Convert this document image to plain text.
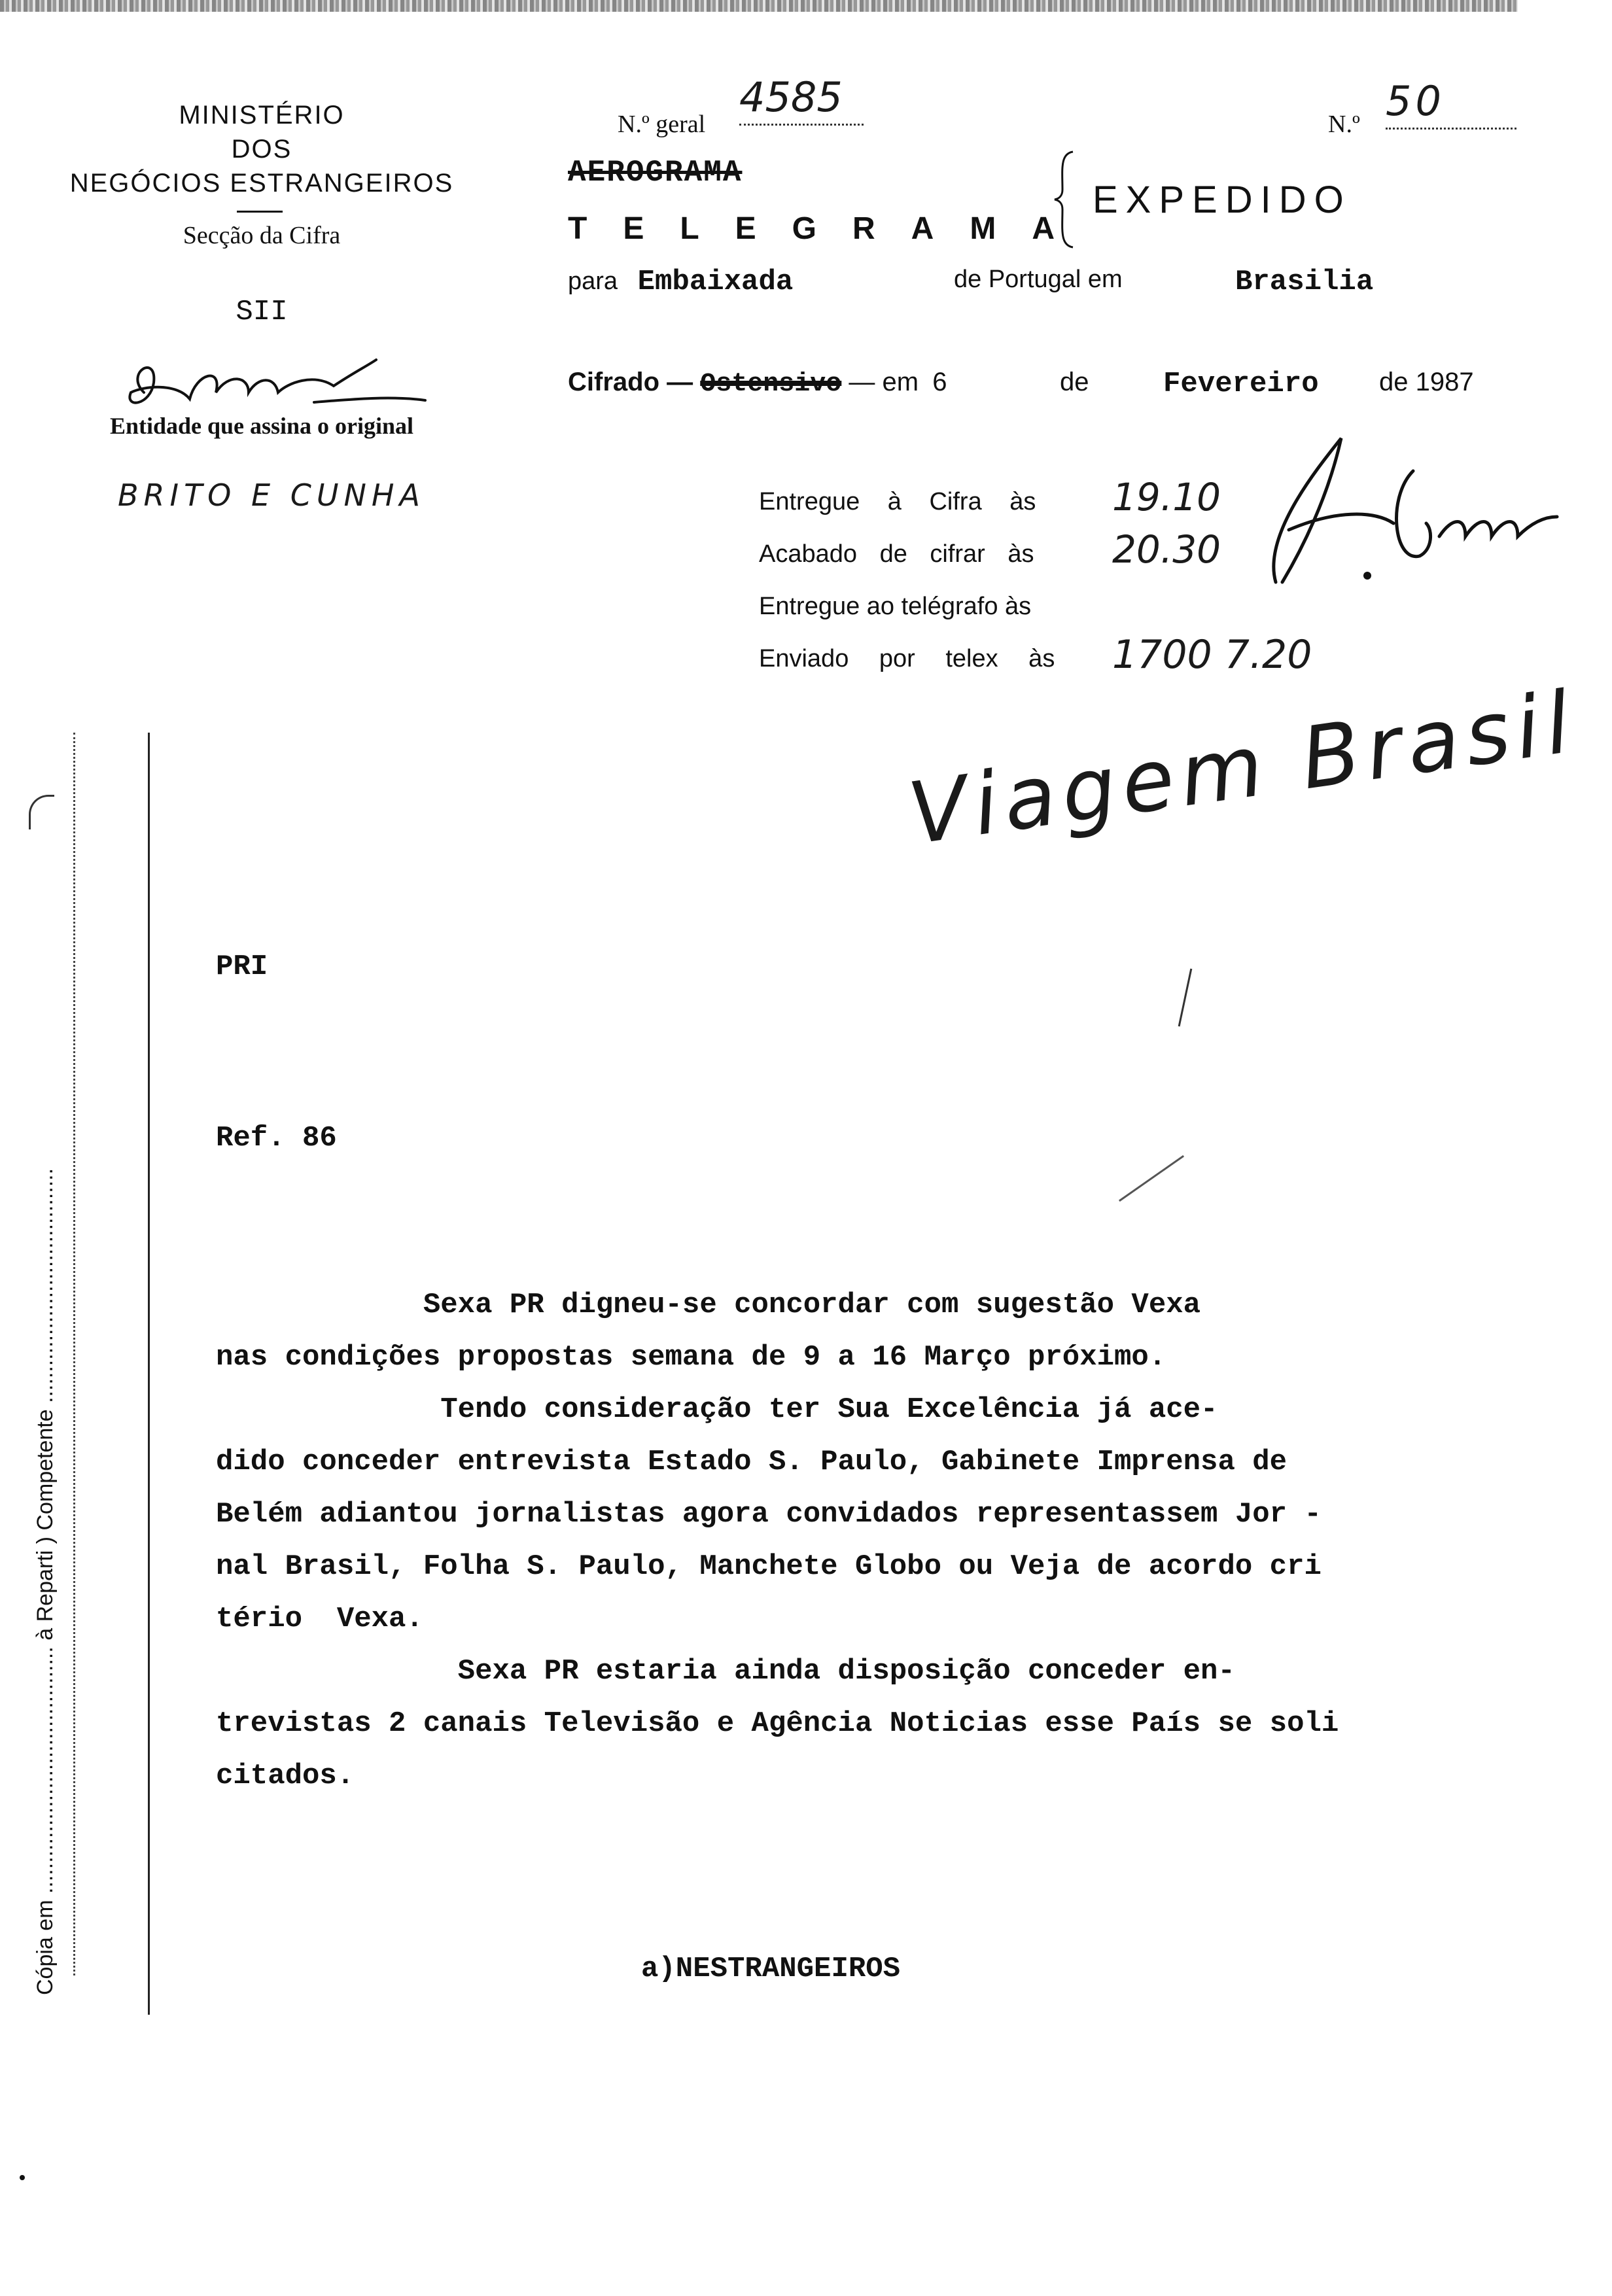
MINISTÉRIO
DOS
NEGÓCIOS ESTRANGEIROS
Secção da Cifra
SII
Entidade que assina o original
BRITO E CUNHA
N.º geral
4585
N.º 50
AEROGRAMA
TELEGRAMA
EXPEDIDO
para Embaixada	de Portugal em	Brasilia
Cifrado — Ostensivo — em 6	de	Fevereiro de 1987
Entregue à Cifra às 19.10
Acabado de cifrar às 20.30
Entregue ao telégrafo às
Enviado por telex às 1700 7.20
Viagem Brasil
Cópia em ........................................ à Reparti ) Competente ......................................
PRI
Ref. 86
Sexa PR digneu-se concordar com sugestão Vexa
nas condições propostas semana de 9 a 16 Março próximo.
Tendo consideração ter Sua Excelência já ace-
dido conceder entrevista Estado S. Paulo, Gabinete Imprensa de
Belém adiantou jornalistas agora convidados representassem Jor -
nal Brasil, Folha S. Paulo, Manchete Globo ou Veja de acordo cri
tério  Vexa.
Sexa PR estaria ainda disposição conceder en-
trevistas 2 canais Televisão e Agência Noticias esse País se soli
citados.
a)NESTRANGEIROS
